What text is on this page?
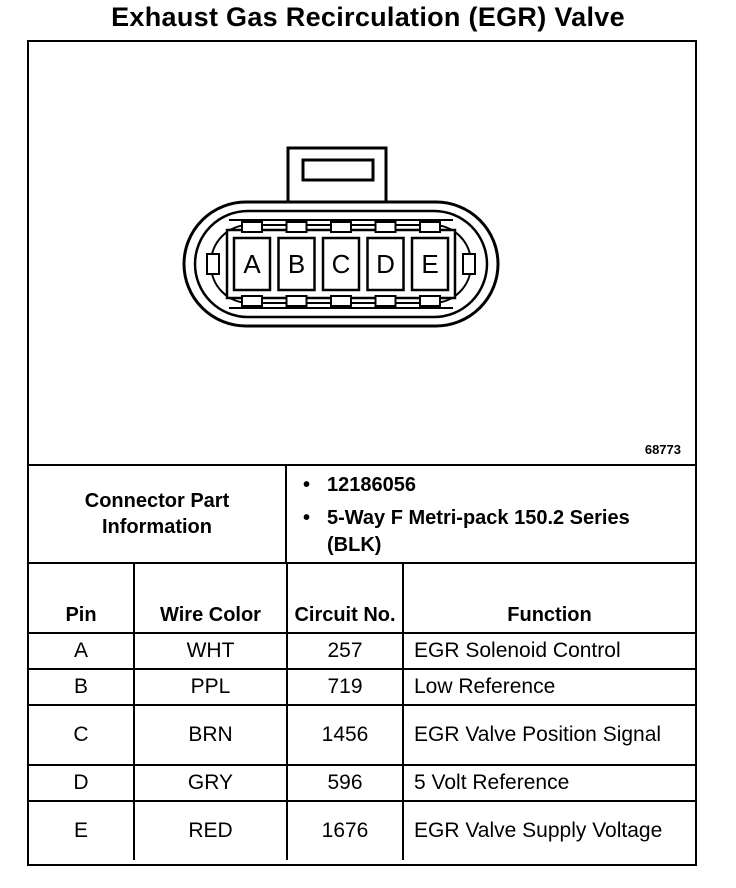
Exhaust Gas Recirculation (EGR) Valve
A B C D E
68773
Connector Part Information
• 12186056
• 5-Way F Metri-pack 150.2 Series (BLK)
Pin	Wire Color	Circuit No.	Function
A	WHT	257	EGR Solenoid Control
B	PPL	719	Low Reference
C	BRN	1456	EGR Valve Position Signal
D	GRY	596	5 Volt Reference
E	RED	1676	EGR Valve Supply Voltage
